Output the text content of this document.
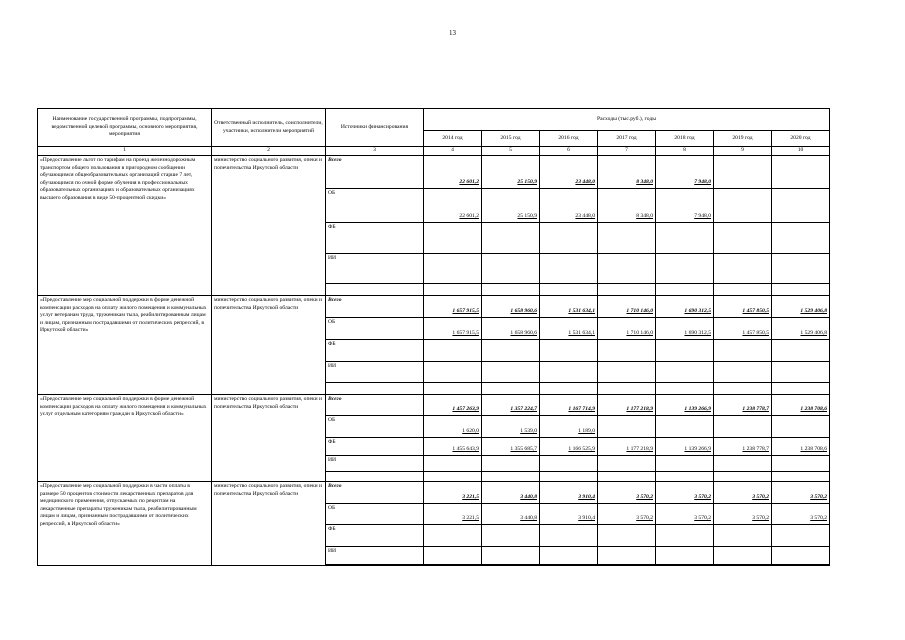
13
Наименование государственной программы, подпрограммы, ведомственной целевой программы, основного мероприятия, мероприятия	Ответственный исполнитель, соисполнители, участники, исполнители мероприятий	Источники финансирования	Расходы (тыс.руб.), годы						
			2014 год	2015 год	2016 год	2017 год	2018 год	2019 год	2020 год
1	2	3	4	5	6	7	8	9	10
«Предоставление льгот по тарифам на проезд железнодорожным транспортом общего пользования в пригородном сообщении обучающимся общеобразовательных организаций старше 7 лет, обучающимся по очной форме обучения в профессиональных образовательных организациях и образовательных организациях высшего образования в виде 50-процентной скидки»	министерство социального развития, опеки и попечительства Иркутской области	Всего	22 601,2	25 150,9	23 448,0	8 348,0	7 948,0		
		ОБ	22 601,2	25 150,9	23 448,0	8 348,0	7 948,0		
		ФБ							
		ИИ							

«Предоставление мер социальной поддержки в форме денежной компенсации расходов на оплату жилого помещения и коммунальных услуг ветеранам труда, труженикам тыла, реабилитированным лицам и лицам, признанным пострадавшими от политических репрессий, в Иркутской области»	министерство социального развития, опеки и попечительства Иркутской области	Всего	1 657 915,5	1 658 960,6	1 531 634,1	1 710 146,0	1 690 312,5	1 457 850,5	1 529 406,8
		ОБ	1 657 915,5	1 658 960,6	1 531 634,1	1 710 146,0	1 690 312,5	1 457 850,5	1 529 406,8
		ФБ							
		ИИ							

«Предоставление мер социальной поддержки в форме денежной компенсации расходов на оплату жилого помещения и коммунальных услуг отдельным категориям граждан в Иркутской области»	министерство социального развития, опеки и попечительства Иркутской области	Всего	1 457 263,9	1 357 224,7	1 167 714,9	1 177 218,9	1 139 266,9	1 238 778,7	1 238 708,6
		ОБ	1 620,0	1 539,0	1 189,0				
		ФБ	1 455 643,9	1 355 685,7	1 166 525,9	1 177 218,9	1 139 266,9	1 238 778,7	1 238 708,6
		ИИ							

«Предоставление мер социальной поддержки в части оплаты в размере 50 процентов стоимости лекарственных препаратов для медицинского применения, отпускаемых по рецептам на лекарственные препараты труженикам тыла, реабилитированным лицам и лицам, признанным пострадавшими от политических репрессий, в Иркутской области»	министерство социального развития, опеки и попечительства Иркутской области	Всего	3 221,5	3 440,8	3 910,4	3 570,2	3 570,2	3 570,2	3 570,2
		ОБ	3 221,5	3 440,8	3 910,4	3 570,2	3 570,2	3 570,2	3 570,2
		ФБ							
		ИИ							
